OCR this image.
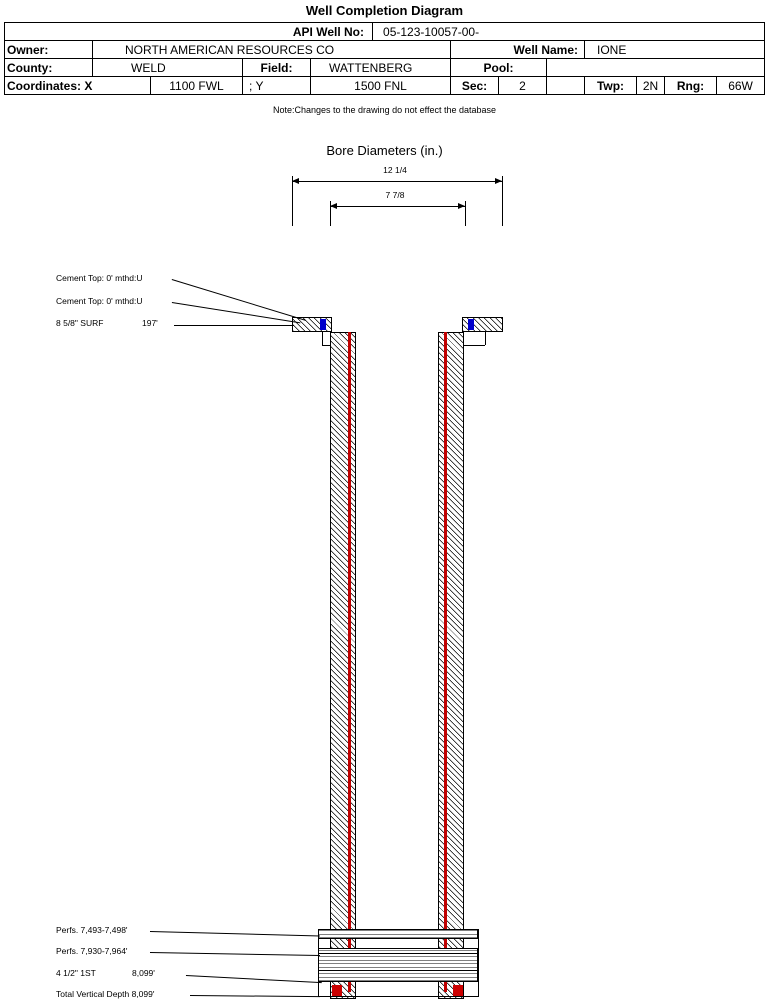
Well Completion Diagram
API Well No:					05-123-10057-00-							
Owner:	NORTH AMERICAN RESOURCES CO					Well Name:			IONE			
County:	WELD		Field:	WATTENBERG		Pool:						
Coordinates: X		1100 FWL	; Y	1500 FNL		Sec:	2		Twp:	2N	Rng:	66W
Note:Changes to the drawing do not effect the database
Bore Diameters (in.)
12 1/4
7 7/8
Cement Top: 0' mthd:U
Cement Top: 0' mthd:U
8 5/8" SURF	197'
Perfs. 7,493-7,498'
Perfs. 7,930-7,964'
4 1/2" 1ST	8,099'
Total Vertical Depth 8,099'
